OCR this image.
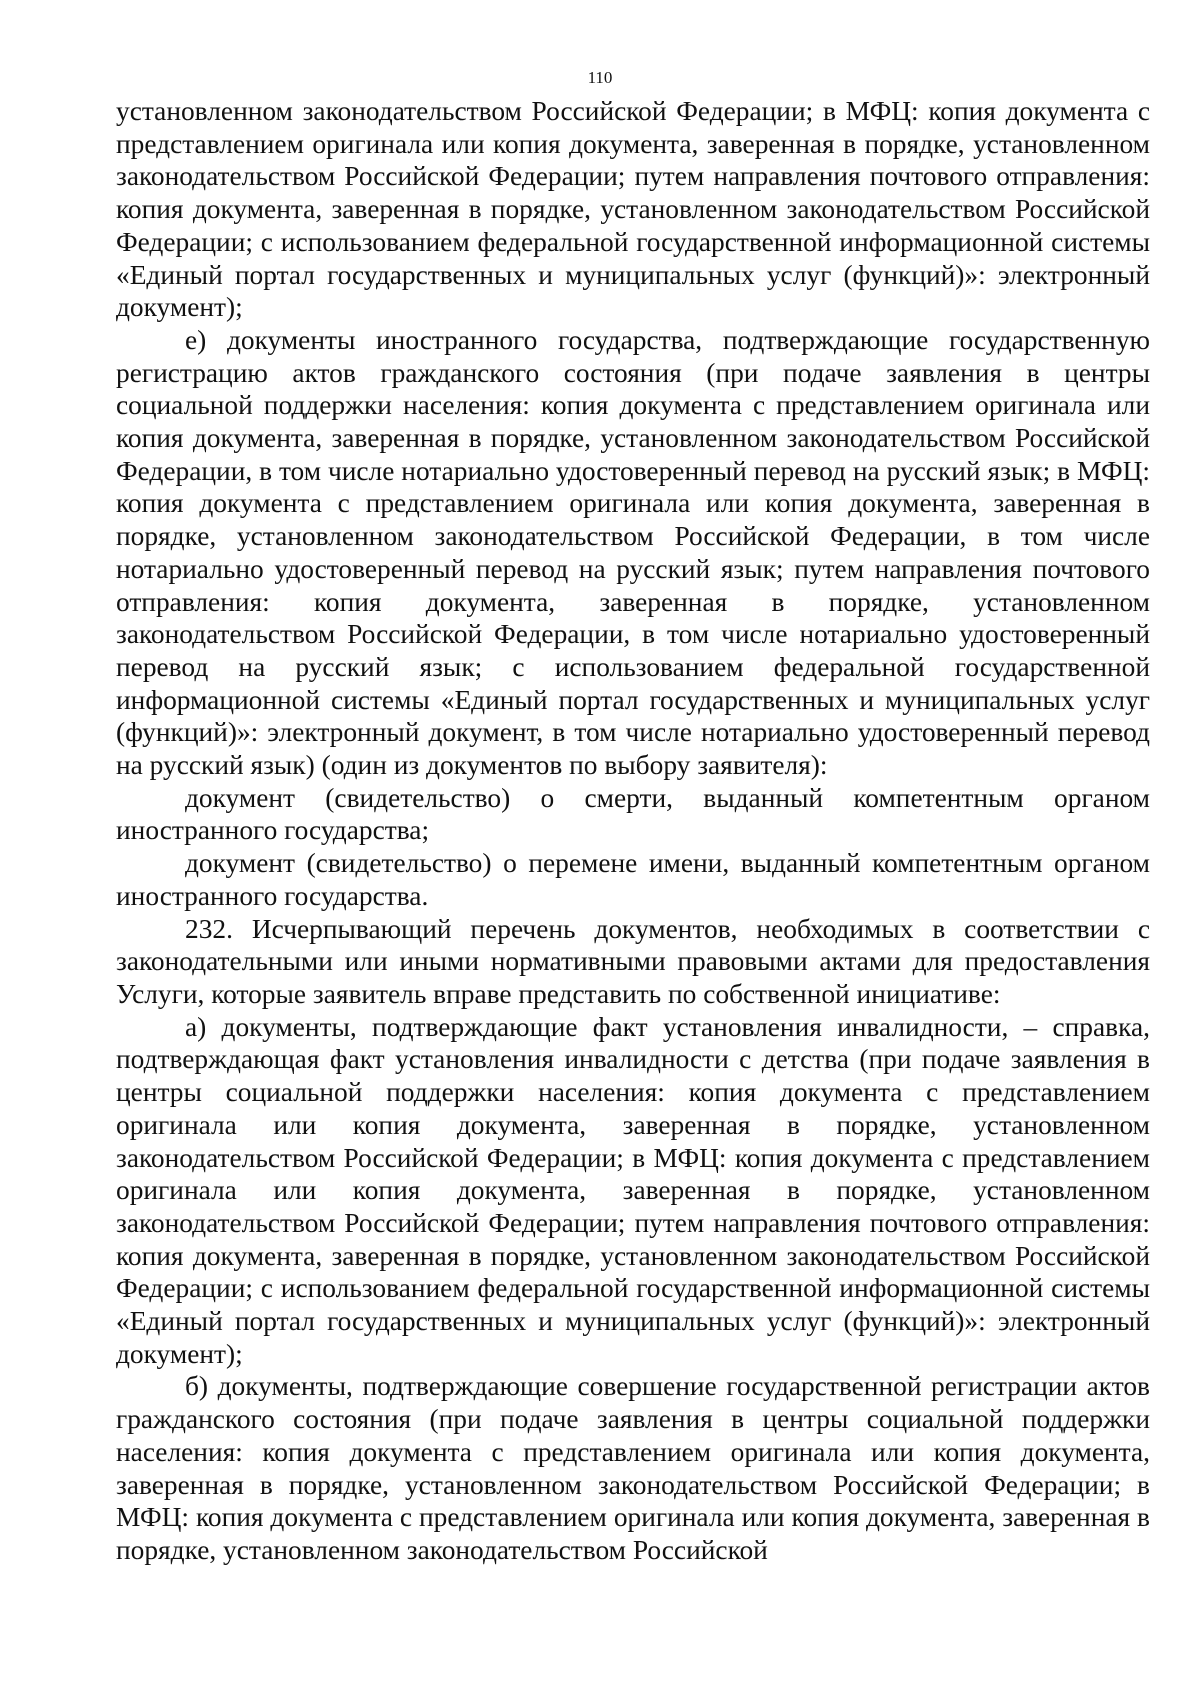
110

установленном законодательством Российской Федерации; в МФЦ: копия документа с представлением оригинала или копия документа, заверенная в порядке, установленном законодательством Российской Федерации; путем направления почтового отправления: копия документа, заверенная в порядке, установленном законодательством Российской Федерации; с использованием федеральной государственной информационной системы «Единый портал государственных и муниципальных услуг (функций)»: электронный документ);

е) документы иностранного государства, подтверждающие государственную регистрацию актов гражданского состояния (при подаче заявления в центры социальной поддержки населения: копия документа с представлением оригинала или копия документа, заверенная в порядке, установленном законодательством Российской Федерации, в том числе нотариально удостоверенный перевод на русский язык; в МФЦ: копия документа с представлением оригинала или копия документа, заверенная в порядке, установленном законодательством Российской Федерации, в том числе нотариально удостоверенный перевод на русский язык; путем направления почтового отправления: копия документа, заверенная в порядке, установленном законодательством Российской Федерации, в том числе нотариально удостоверенный перевод на русский язык; с использованием федеральной государственной информационной системы «Единый портал государственных и муниципальных услуг (функций)»: электронный документ, в том числе нотариально удостоверенный перевод на русский язык) (один из документов по выбору заявителя):

документ (свидетельство) о смерти, выданный компетентным органом иностранного государства;

документ (свидетельство) о перемене имени, выданный компетентным органом иностранного государства.

232. Исчерпывающий перечень документов, необходимых в соответствии с законодательными или иными нормативными правовыми актами для предоставления Услуги, которые заявитель вправе представить по собственной инициативе:

а) документы, подтверждающие факт установления инвалидности, – справка, подтверждающая факт установления инвалидности с детства (при подаче заявления в центры социальной поддержки населения: копия документа с представлением оригинала или копия документа, заверенная в порядке, установленном законодательством Российской Федерации; в МФЦ: копия документа с представлением оригинала или копия документа, заверенная в порядке, установленном законодательством Российской Федерации; путем направления почтового отправления: копия документа, заверенная в порядке, установленном законодательством Российской Федерации; с использованием федеральной государственной информационной системы «Единый портал государственных и муниципальных услуг (функций)»: электронный документ);

б) документы, подтверждающие совершение государственной регистрации актов гражданского состояния (при подаче заявления в центры социальной поддержки населения: копия документа с представлением оригинала или копия документа, заверенная в порядке, установленном законодательством Российской Федерации; в МФЦ: копия документа с представлением оригинала или копия документа, заверенная в порядке, установленном законодательством Российской
